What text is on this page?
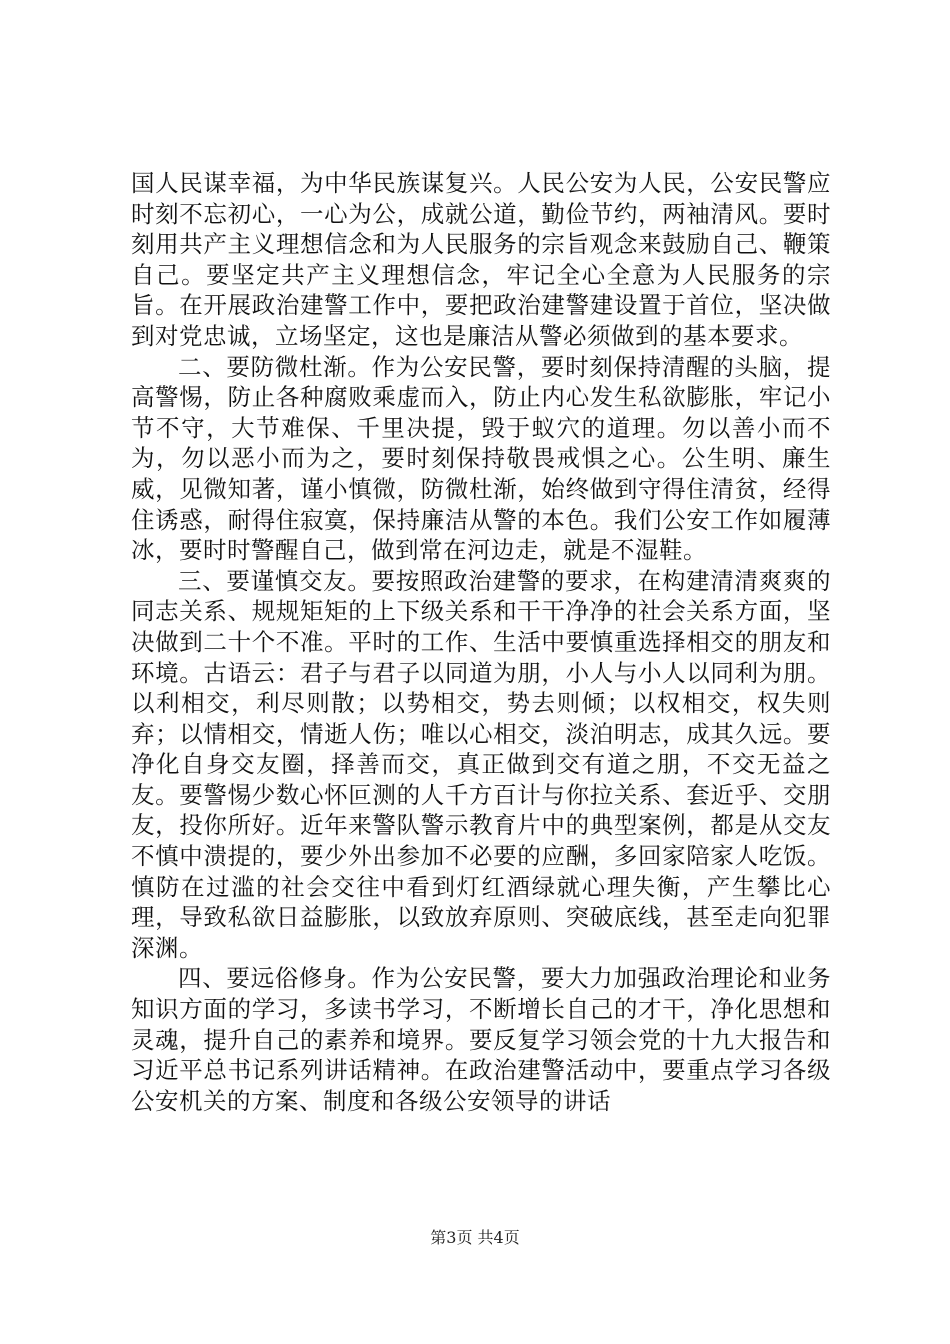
国人民谋幸福，为中华民族谋复兴。人民公安为人民，公安民警应时刻不忘初心，一心为公，成就公道，勤俭节约，两袖清风。要时刻用共产主义理想信念和为人民服务的宗旨观念来鼓励自己、鞭策自己。要坚定共产主义理想信念，牢记全心全意为人民服务的宗旨。在开展政治建警工作中，要把政治建警建设置于首位，坚决做到对党忠诚，立场坚定，这也是廉洁从警必须做到的基本要求。

二、要防微杜渐。作为公安民警，要时刻保持清醒的头脑，提高警惕，防止各种腐败乘虚而入，防止内心发生私欲膨胀，牢记小节不守，大节难保、千里决提，毁于蚁穴的道理。勿以善小而不为，勿以恶小而为之，要时刻保持敬畏戒惧之心。公生明、廉生威，见微知著，谨小慎微，防微杜渐，始终做到守得住清贫，经得住诱惑，耐得住寂寞，保持廉洁从警的本色。我们公安工作如履薄冰，要时时警醒自己，做到常在河边走，就是不湿鞋。

三、要谨慎交友。要按照政治建警的要求，在构建清清爽爽的同志关系、规规矩矩的上下级关系和干干净净的社会关系方面，坚决做到二十个不准。平时的工作、生活中要慎重选择相交的朋友和环境。古语云：君子与君子以同道为朋，小人与小人以同利为朋。以利相交，利尽则散；以势相交，势去则倾；以权相交，权失则弃；以情相交，情逝人伤；唯以心相交，淡泊明志，成其久远。要净化自身交友圈，择善而交，真正做到交有道之朋，不交无益之友。要警惕少数心怀叵测的人千方百计与你拉关系、套近乎、交朋友，投你所好。近年来警队警示教育片中的典型案例，都是从交友不慎中溃提的，要少外出参加不必要的应酬，多回家陪家人吃饭。慎防在过滥的社会交往中看到灯红酒绿就心理失衡，产生攀比心理，导致私欲日益膨胀，以致放弃原则、突破底线，甚至走向犯罪深渊。

四、要远俗修身。作为公安民警，要大力加强政治理论和业务知识方面的学习，多读书学习，不断增长自己的才干，净化思想和灵魂，提升自己的素养和境界。要反复学习领会党的十九大报告和习近平总书记系列讲话精神。在政治建警活动中，要重点学习各级公安机关的方案、制度和各级公安领导的讲话

第3页 共4页
